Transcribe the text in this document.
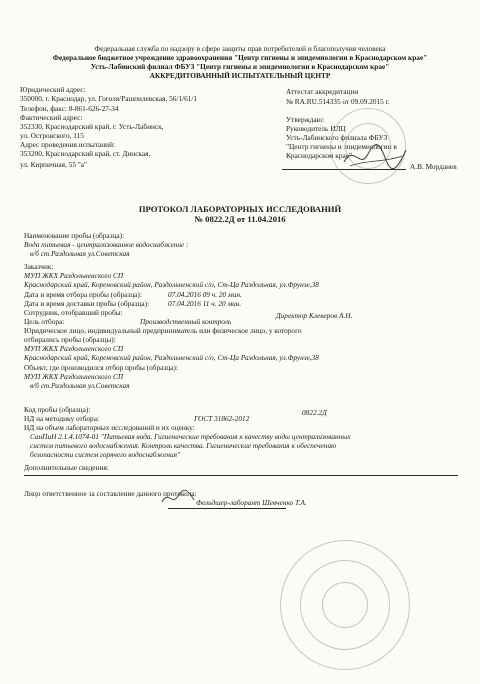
Федеральная служба по надзору в сфере защиты прав потребителей и благополучия человека
Федеральное бюджетное учреждение здравоохранения "Центр гигиены и эпидемиологии в Краснодарском крае"
Усть-Лабинский филиал ФБУЗ "Центр гигиены и эпидемиологии в Краснодарском крае"
АККРЕДИТОВАННЫЙ ИСПЫТАТЕЛЬНЫЙ ЦЕНТР
Юридический адрес:
350000, г. Краснодар, ул. Гоголя/Рашпилевская, 56/1/61/1
Телефон, факс: 8-861-626-27-34
Фактический адрес:
352330, Краснодарский край, г. Усть-Лабинск,
ул. Островского, 115
Адрес проведения испытаний:
353200, Краснодарский край, ст. Динская,
ул. Кирпичная, 55 "а"
Аттестат аккредитации
№ RA.RU.514335 от 09.09.2015 г.
Утверждаю:
Руководитель ИЛЦ
Усть-Лабинского филиала ФБУЗ
"Центр гигиены и эпидемиологии в
Краснодарском крае"
А.В. Морданев
ПРОТОКОЛ ЛАБОРАТОРНЫХ ИССЛЕДОВАНИЙ
№ 0822.2Д от 11.04.2016
Наименование пробы (образца):
Вода питьевая - централизованное водоснабжение :
в/б ст.Раздольная ул.Советская
Заказчик:
МУП ЖКХ Раздольненского СП
Краснодарский край, Кореновский район, Раздольненский с/о, Ст-Ца Раздольная, ул.Фрунзе,38
Дата и время отбора пробы (образца):	07.04.2016 09 ч. 20 мин.
Дата и время доставки пробы (образца):	07.04.2016 11 ч. 20 мин.
Сотрудник, отобравший пробы:	Директор Клеверов А.Н.
Цель отбора:	Производственный контроль
Юридическое лицо, индивидуальный предприниматель или физическое лицо, у которого
отбирались пробы (образцы):
МУП ЖКХ Раздольненского СП
Краснодарский край, Кореновский район, Раздольненский с/о, Ст-Ца Раздольная, ул.Фрунзе,38
Объект, где производился отбор пробы (образца):
МУП ЖКХ Раздольненского СП
в/б ст.Раздольная ул.Советская
Код пробы (образца):	0822.2Д
НД на методику отбора:	ГОСТ 31862-2012
НД на объем лабораторных исследований и их оценку:
СанПиН 2.1.4.1074-01 "Питьевая вода. Гигиенические требования к качеству воды централизованных
систем питьевого водоснабжения. Контроль качества. Гигиенические требования к обеспечению
безопасности систем горячего водоснабжения"
Дополнительные сведения:
Лицо ответственное за составление данного протокола:
Фельдшер-лаборант Шевченко Т.А.
